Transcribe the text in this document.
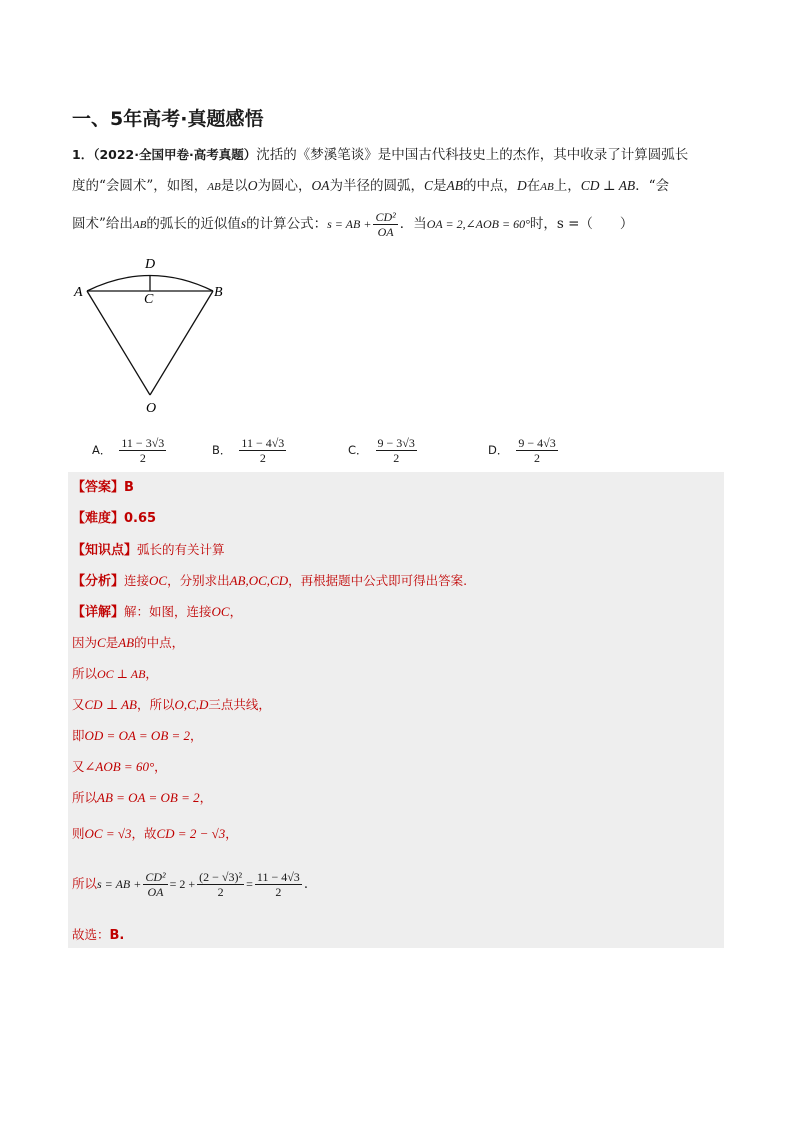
一、5年高考·真题感悟
1．（2022·全国甲卷·高考真题）沈括的《梦溪笔谈》是中国古代科技史上的杰作，其中收录了计算圆弧长
度的“会圆术”，如图，AB是以O为圆心，OA为半径的圆弧，C是AB的中点，D在AB上，CD ⊥ AB．“会
圆术”给出AB的弧长的近似值s的计算公式：s = AB + $\frac{\text{CD²}}{OA}$ ．当OA = 2,∠AOB = 60°时，s =（　　）
A	B
C
D
O
A． $\frac{11 - 3√3}{2}$	B． $\frac{11 - 4√3}{2}$	C． $\frac{9 - 3√3}{2}$	D． $\frac{9 - 4√3}{2}$
【答案】B
【难度】0.65
【知识点】弧长的有关计算
【分析】连接OC，分别求出AB,OC,CD，再根据题中公式即可得出答案.
【详解】解：如图，连接OC，
因为C是AB的中点，
所以OC ⊥ AB，
又CD ⊥ AB，所以O,C,D三点共线，
即OD = OA = OB = 2，
又∠AOB = 60°，
所以AB = OA = OB = 2，
则OC = √3，故CD = 2 − √3，
所以s = AB + $\frac{\text{CD²}}{OA} = 2 + \frac{\text{(2 − √3)²}}{2} = \frac{11 - 4√3}{2}$ .
故选：B.
